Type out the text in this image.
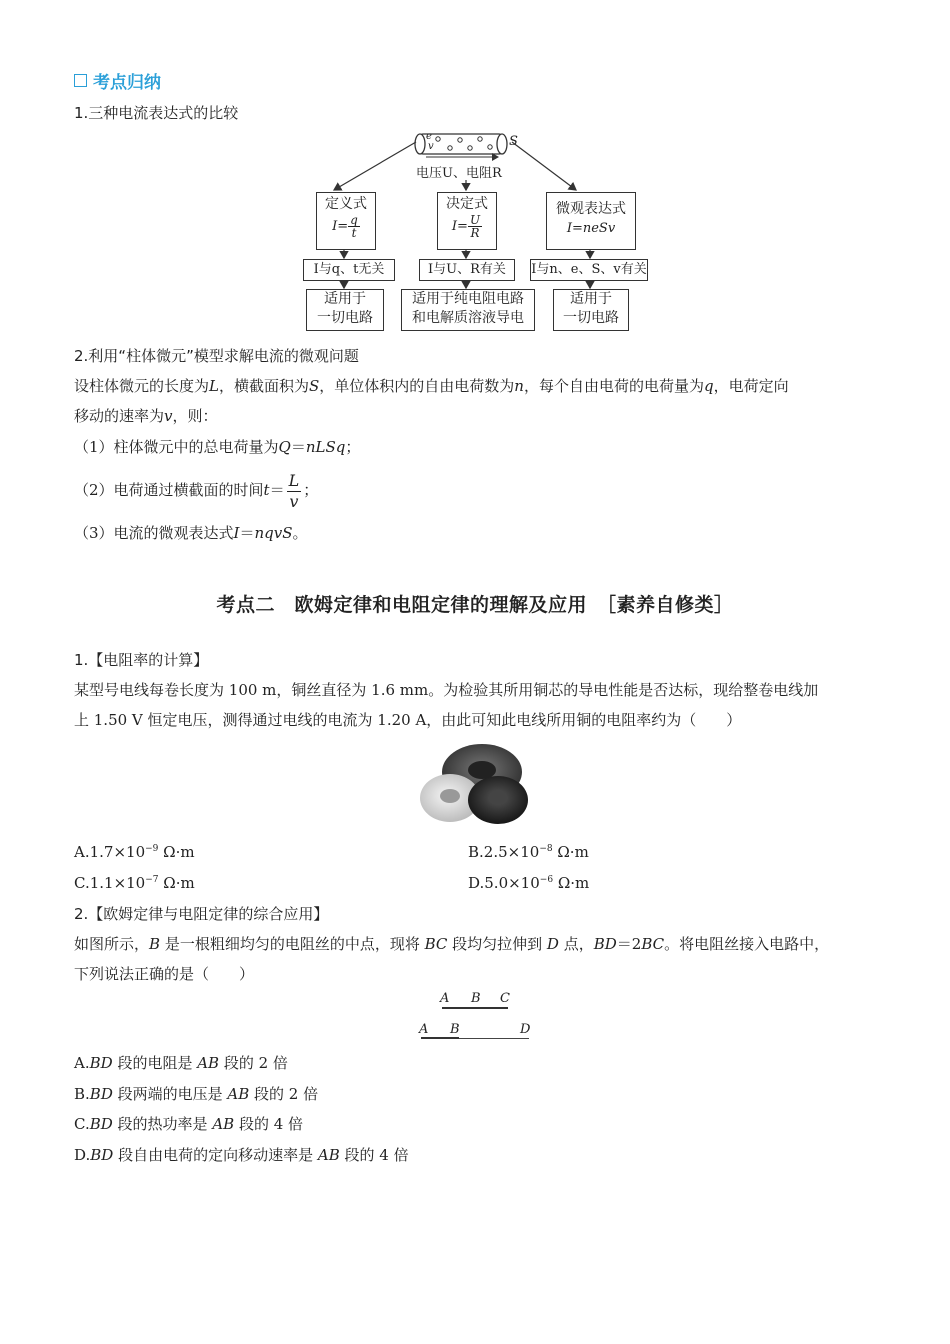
考点归纳
1.三种电流表达式的比较
e
v	S
电压U、电阻R
定义式
$I= \frac{q}{t}$
I与q、t无关
适用于
一切电路
决定式
$I= \frac{U}{R}$
I与U、R有关
适用于纯电阻电路
和电解质溶液导电
微观表达式
I=neSv
I与n、e、S、v有关
适用于
一切电路
2.利用“柱体微元”模型求解电流的微观问题
设柱体微元的长度为L，横截面积为S，单位体积内的自由电荷数为n，每个自由电荷的电荷量为q，电荷定向
移动的速率为v，则：
（1）柱体微元中的总电荷量为Q＝nLSq；
（2）电荷通过横截面的时间$t= \frac{L}{v}$ ；
（3）电流的微观表达式I＝nqvS。
考点二　欧姆定律和电阻定律的理解及应用　［素养自修类］
1.【电阻率的计算】
某型号电线每卷长度为 100 m，铜丝直径为 1.6 mm。为检验其所用铜芯的导电性能是否达标，现给整卷电线加
上 1.50 V 恒定电压，测得通过电线的电流为 1.20 A，由此可知此电线所用铜的电阻率约为（　　）
$A.1.7\times 10^{-9}$ Ω·m	$B.2.5\times 10^{-8}$ Ω·m
$C.1.1\times 10^{-7}$ Ω·m	$D.5.0\times 10^{-6}$ Ω·m
2.【欧姆定律与电阻定律的综合应用】
如图所示，B 是一根粗细均匀的电阻丝的中点，现将 BC 段均匀拉伸到 D 点，BD＝2BC。将电阻丝接入电路中，
下列说法正确的是（　　）
A B C
A B	D
A.BD 段的电阻是 AB 段的 2 倍
B.BD 段两端的电压是 AB 段的 2 倍
C.BD 段的热功率是 AB 段的 4 倍
D.BD 段自由电荷的定向移动速率是 AB 段的 4 倍
